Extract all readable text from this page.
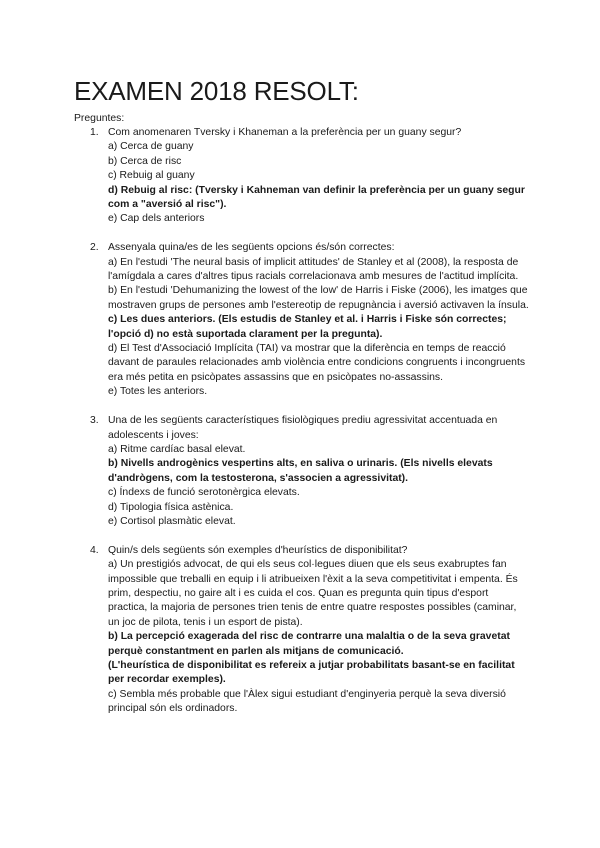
EXAMEN 2018 RESOLT:
Preguntes:
1. Com anomenaren Tversky i Khaneman a la preferència per un guany segur?
a) Cerca de guany
b) Cerca de risc
c) Rebuig al guany
d) Rebuig al risc: (Tversky i Kahneman van definir la preferència per un guany segur com a "aversió al risc").
e) Cap dels anteriors
2. Assenyala quina/es de les següents opcions és/són correctes:
a) En l'estudi 'The neural basis of implicit attitudes' de Stanley et al (2008), la resposta de l'amígdala a cares d'altres tipus racials correlacionava amb mesures de l'actitud implícita.
b) En l'estudi 'Dehumanizing the lowest of the low' de Harris i Fiske (2006), les imatges que mostraven grups de persones amb l'estereotip de repugnància i aversió activaven la ínsula.
c) Les dues anteriors. (Els estudis de Stanley et al. i Harris i Fiske són correctes; l'opció d) no està suportada clarament per la pregunta).
d) El Test d'Associació Implícita (TAI) va mostrar que la diferència en temps de reacció davant de paraules relacionades amb violència entre condicions congruents i incongruents era més petita en psicòpates assassins que en psicòpates no-assassins.
e) Totes les anteriors.
3. Una de les següents característiques fisiològiques prediu agressivitat accentuada en adolescents i joves:
a) Ritme cardíac basal elevat.
b) Nivells androgènics vespertins alts, en saliva o urinaris. (Els nivells elevats d'andrògens, com la testosterona, s'associen a agressivitat).
c) Índexs de funció serotonèrgica elevats.
d) Tipologia física astènica.
e) Cortisol plasmàtic elevat.
4. Quin/s dels següents són exemples d'heurístics de disponibilitat?
a) Un prestigiós advocat, de qui els seus col·legues diuen que els seus exabruptes fan impossible que treballi en equip i li atribueixen l'èxit a la seva competitivitat i empenta. És prim, despectiu, no gaire alt i es cuida el cos. Quan es pregunta quin tipus d'esport practica, la majoria de persones trien tenis de entre quatre respostes possibles (caminar, un joc de pilota, tenis i un esport de pista).
b) La percepció exagerada del risc de contrarre una malaltia o de la seva gravetat perquè constantment en parlen als mitjans de comunicació.
(L'heurística de disponibilitat es refereix a jutjar probabilitats basant-se en facilitat per recordar exemples).
c) Sembla més probable que l'Àlex sigui estudiant d'enginyeria perquè la seva diversió principal són els ordinadors.
